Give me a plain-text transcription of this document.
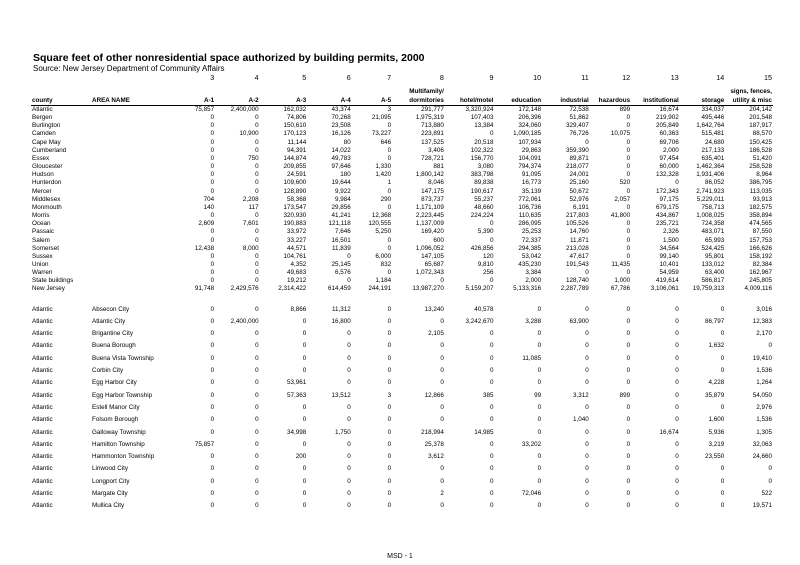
Square feet of other nonresidential space authorized by building permits, 2000
Source: New Jersey Department of Community Affairs
		3	4	5	6	7	8	9	10	11	12	13	14	15

							Multifamily/							signs, fences,
county	AREA NAME	A-1	A-2	A-3	A-4	A-5	dormitories	hotel/motel	education	industrial	hazardous	institutional	storage	utility & misc
Atlantic		75,857	2,400,000	162,032	43,374	3	291,777	3,320,924	172,148	72,538	899	16,674	334,037	204,142
Bergen		0	0	74,806	70,268	21,095	1,975,319	107,403	206,396	51,862	0	219,902	495,446	201,548
Burlington		0	0	150,610	23,508	0	713,880	13,384	324,060	329,407	0	205,849	1,642,764	187,917
Camden		0	10,900	170,123	16,126	73,227	223,891	0	1,090,185	76,726	10,075	60,363	515,481	88,570
Cape May		0	0	11,144	80	646	137,525	20,518	107,934	0	0	69,706	24,680	150,425
Cumberland		0	0	94,391	14,022	0	3,406	102,322	29,863	359,390	0	2,000	217,133	186,528
Essex		0	750	144,874	49,783	0	728,721	156,770	104,091	89,871	0	97,454	635,401	51,420
Gloucester		0	0	209,855	97,646	1,330	881	3,080	794,374	218,077	0	60,000	1,462,364	258,528
Hudson		0	0	24,591	180	1,420	1,800,142	383,798	91,095	24,001	0	132,328	1,931,406	8,964
Hunterdon		0	0	109,600	19,644	1	8,046	89,838	16,773	25,160	520	0	86,052	386,795
Mercer		0	0	128,890	9,922	0	147,175	190,617	35,139	50,672	0	172,343	2,741,923	113,035
Middlesex		704	2,208	58,368	9,984	290	873,737	55,237	772,061	52,976	2,057	97,175	5,229,011	93,913
Monmouth		140	117	173,547	29,856	0	1,171,109	48,660	106,736	6,191	0	679,175	758,713	182,575
Morris		0	0	320,930	41,241	12,368	2,223,445	224,224	110,635	217,803	41,800	434,867	1,008,025	358,894
Ocean		2,609	7,601	190,883	121,118	120,555	1,137,009	0	286,095	105,526	0	235,721	724,358	474,565
Passaic		0	0	33,972	7,646	5,250	169,420	5,390	25,253	14,760	0	2,326	483,071	87,550
Salem		0	0	33,227	16,501	0	600	0	72,337	11,871	0	1,500	65,993	157,753
Somerset		12,438	8,000	44,571	11,839	0	1,096,052	426,856	294,385	213,028	0	34,564	524,425	166,626
Sussex		0	0	104,761	0	6,000	147,105	120	53,042	47,617	0	99,140	95,801	158,192
Union		0	0	4,352	25,145	832	65,687	9,810	435,230	191,543	11,435	10,401	133,012	82,384
Warren		0	0	49,683	6,576	0	1,072,343	256	3,384	0	0	54,959	63,400	162,967
State buildings		0	0	19,212	0	1,184	0	0	2,000	128,740	1,000	419,614	586,817	245,805
New Jersey		91,748	2,429,576	2,314,422	614,459	244,191	13,987,270	5,159,207	5,133,316	2,287,789	67,786	3,106,061	19,759,313	4,009,116

Atlantic	Absecon City	0	0	8,866	11,312	0	13,240	40,578	0	0	0	0	0	3,016
Atlantic	Atlantic City	0	2,400,000	0	16,800	0	0	3,242,670	3,288	63,900	0	0	86,797	12,383
Atlantic	Brigantine City	0	0	0	0	0	2,105	0	0	0	0	0	0	2,170
Atlantic	Buena Borough	0	0	0	0	0	0	0	0	0	0	0	1,632	0
Atlantic	Buena Vista Township	0	0	0	0	0	0	0	11,085	0	0	0	0	19,410
Atlantic	Corbin City	0	0	0	0	0	0	0	0	0	0	0	0	1,536
Atlantic	Egg Harbor City	0	0	53,961	0	0	0	0	0	0	0	0	4,228	1,264
Atlantic	Egg Harbor Township	0	0	57,363	13,512	3	12,866	385	99	3,312	899	0	35,879	54,050
Atlantic	Estell Manor City	0	0	0	0	0	0	0	0	0	0	0	0	2,976
Atlantic	Folsom Borough	0	0	0	0	0	0	0	0	1,040	0	0	1,600	1,536
Atlantic	Galloway Township	0	0	34,998	1,750	0	218,994	14,985	0	0	0	16,674	5,936	1,305
Atlantic	Hamilton Township	75,857	0	0	0	0	25,378	0	33,202	0	0	0	3,219	32,063
Atlantic	Hammonton Township	0	0	200	0	0	3,612	0	0	0	0	0	23,550	24,660
Atlantic	Linwood City	0	0	0	0	0	0	0	0	0	0	0	0	0
Atlantic	Longport City	0	0	0	0	0	0	0	0	0	0	0	0	0
Atlantic	Margate City	0	0	0	0	0	2	0	72,046	0	0	0	0	522
Atlantic	Mullica City	0	0	0	0	0	0	0	0	0	0	0	0	19,571
MSD - 1
